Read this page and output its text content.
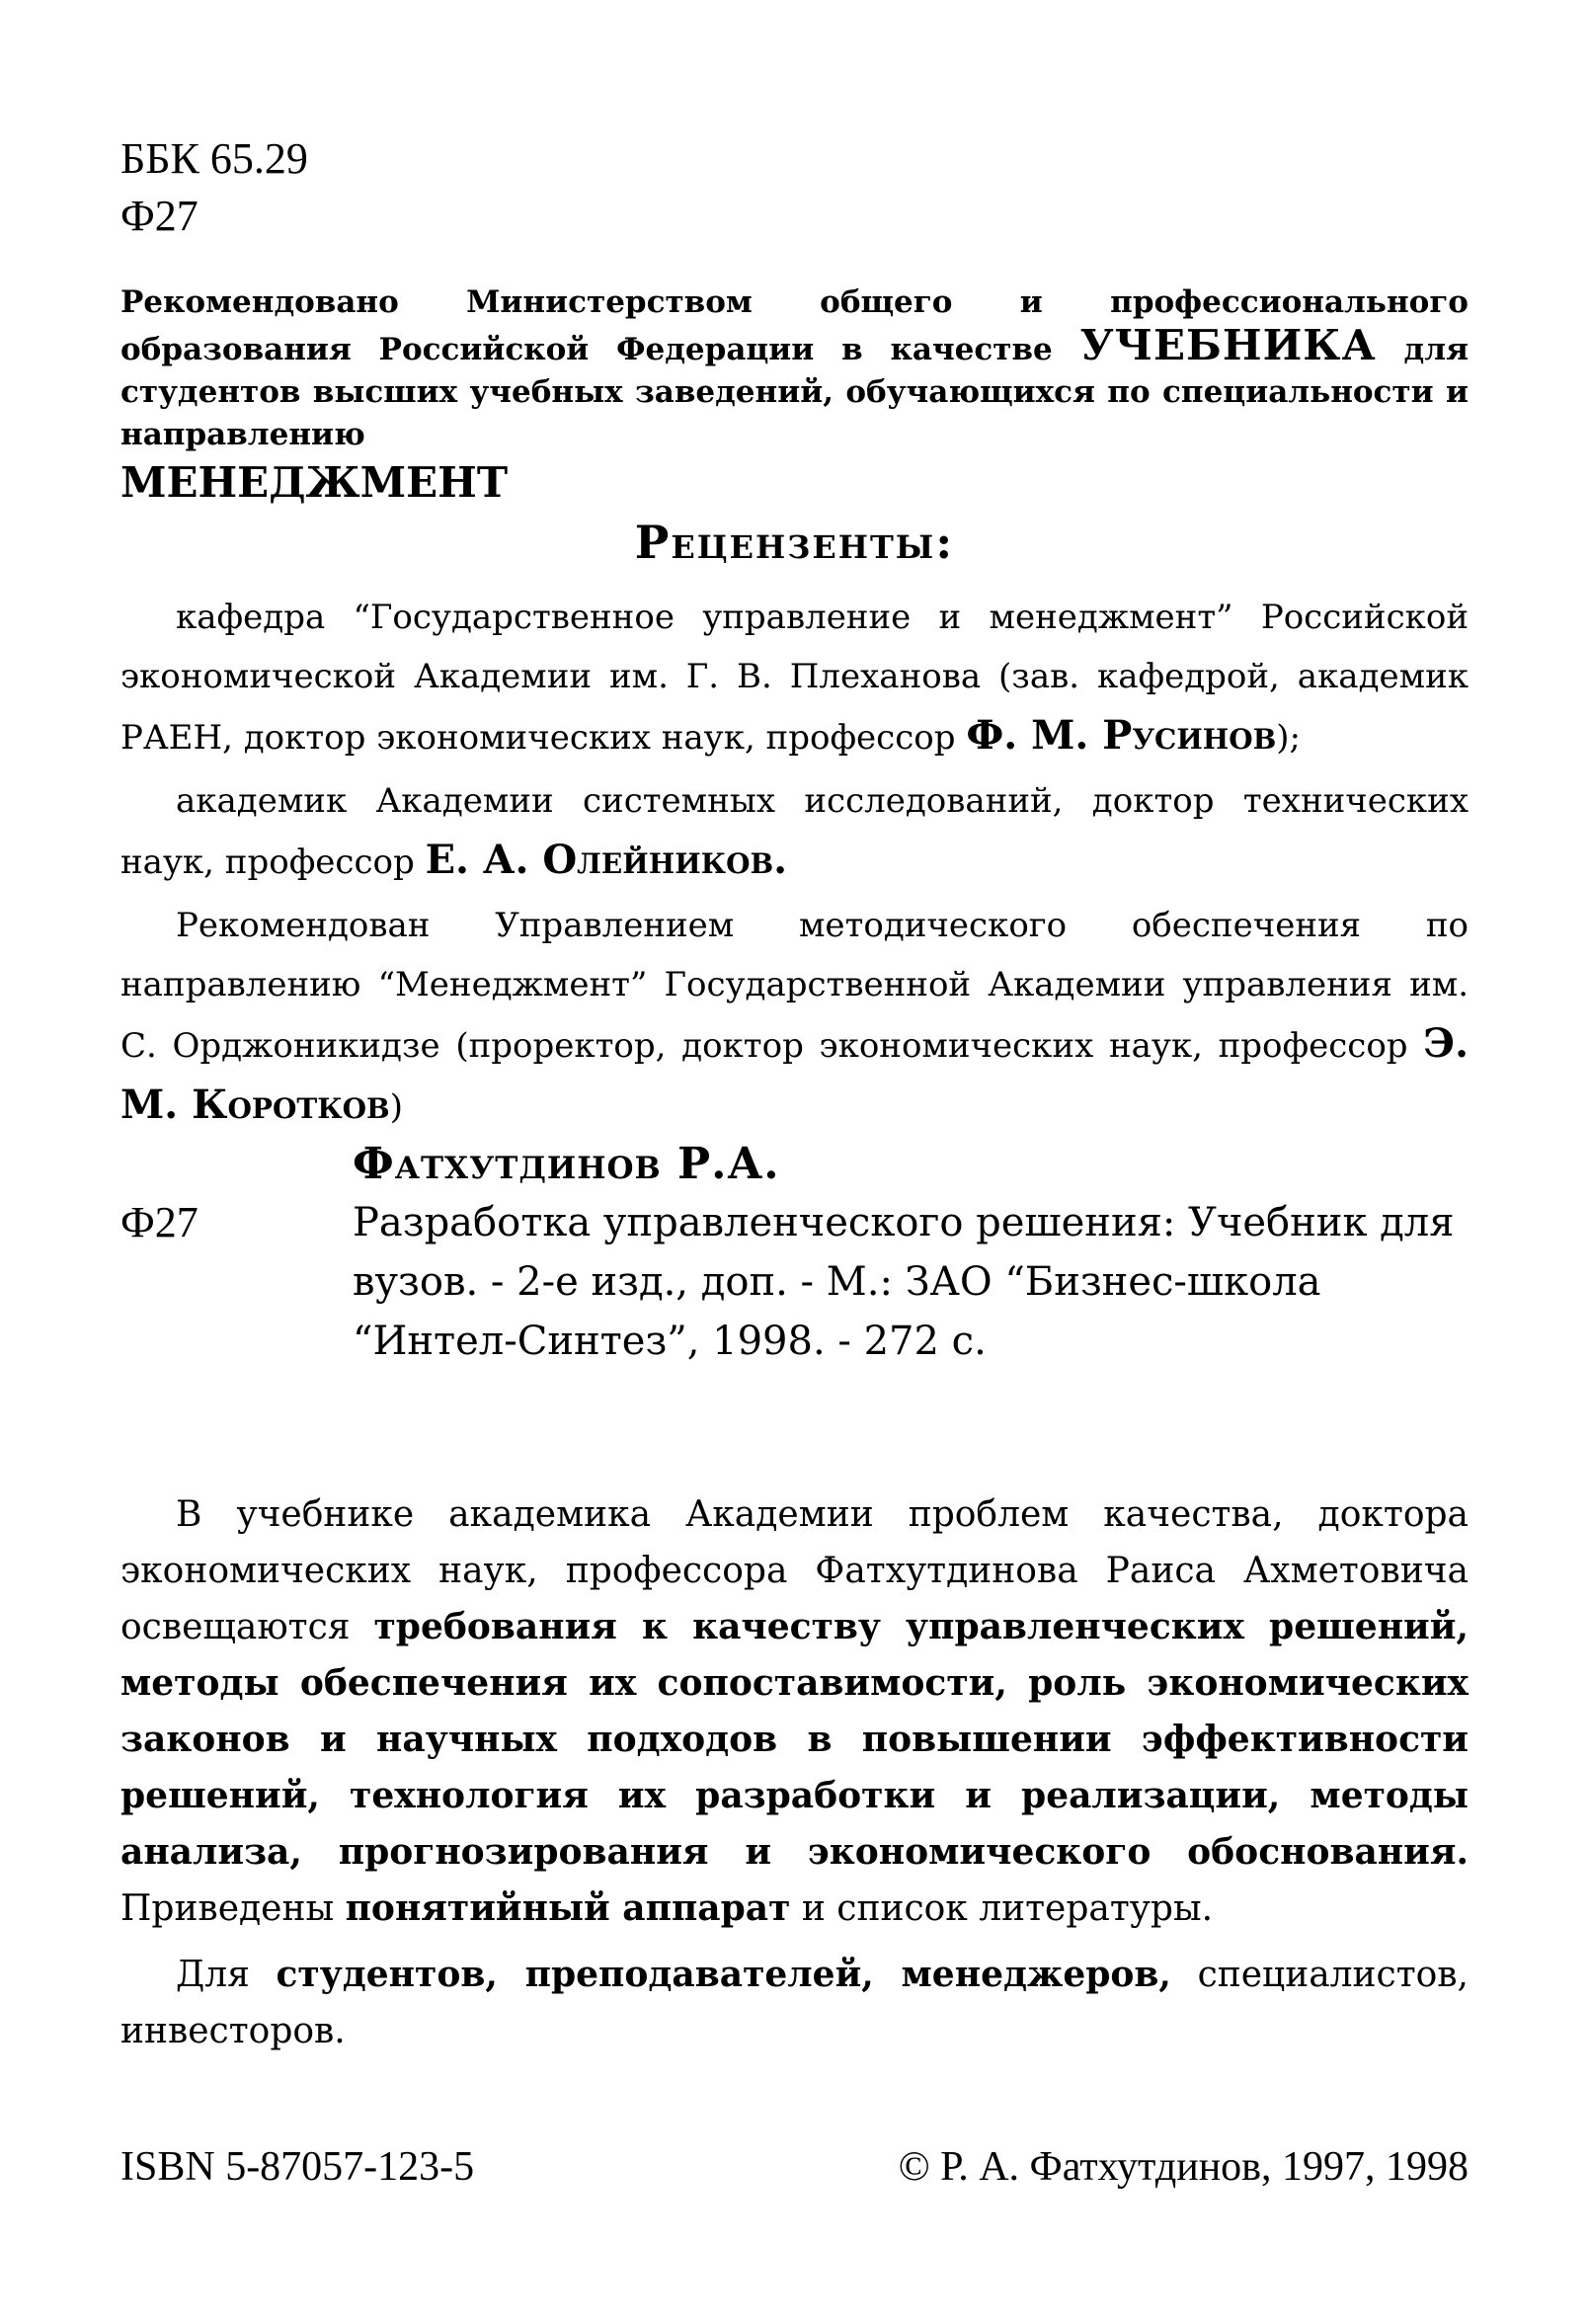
ББК 65.29
Ф27
Рекомендовано Министерством общего и профессионального образования Российской Федерации в качестве УЧЕБНИКА для студентов высших учебных заведений, обучающихся по специальности и направлению
МЕНЕДЖМЕНТ
Рецензенты:

кафедра “Государственное управление и менеджмент” Российской экономической Академии им. Г. В. Плеханова (зав. кафедрой, академик РАЕН, доктор экономических наук, профессор Ф. М. Русинов);

академик Академии системных исследований, доктор технических наук, профессор Е. А. Олейников.

Рекомендован Управлением методического обеспечения по направлению “Менеджмент” Государственной Академии управления им. С. Орджоникидзе (проректор, доктор экономических наук, профессор Э. М. Коротков)

Фатхутдинов Р.А.
Ф27	Разработка управленческого решения: Учебник для вузов. - 2-е изд., доп. - М.: ЗАО “Бизнес-школа “Интел-Синтез”, 1998. - 272 с.

В учебнике академика Академии проблем качества, доктора экономических наук, профессора Фатхутдинова Раиса Ахметовича освещаются требования к качеству управленческих решений, методы обеспечения их сопоставимости, роль экономических законов и научных подходов в повышении эффективности решений, технология их разработки и реализации, методы анализа, прогнозирования и экономического обоснования. Приведены понятийный аппарат и список литературы.

Для студентов, преподавателей, менеджеров, специалистов, инвесторов.

ISBN 5-87057-123-5	© Р. А. Фатхутдинов, 1997, 1998
